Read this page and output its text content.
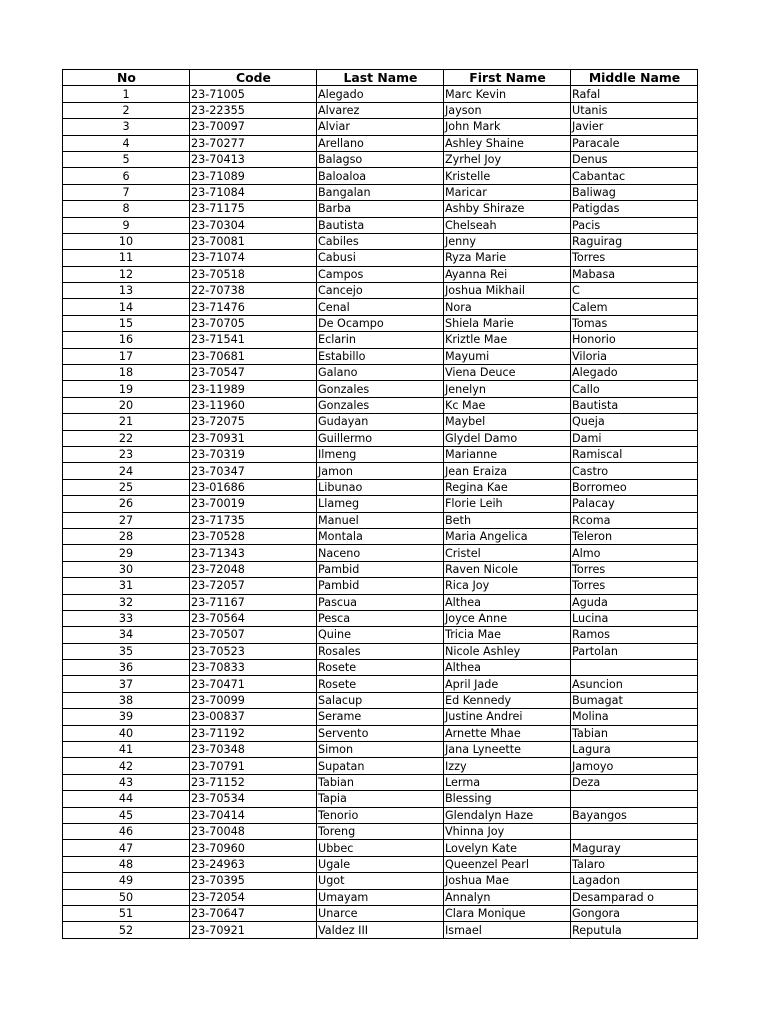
No	Code	Last Name	First Name	Middle Name
1	23-71005	Alegado	Marc Kevin	Rafal
2	23-22355	Alvarez	Jayson	Utanis
3	23-70097	Alviar	John Mark	Javier
4	23-70277	Arellano	Ashley Shaine	Paracale
5	23-70413	Balagso	Zyrhel Joy	Denus
6	23-71089	Baloaloa	Kristelle	Cabantac
7	23-71084	Bangalan	Maricar	Baliwag
8	23-71175	Barba	Ashby Shiraze	Patigdas
9	23-70304	Bautista	Chelseah	Pacis
10	23-70081	Cabiles	Jenny	Raguirag
11	23-71074	Cabusi	Ryza Marie	Torres
12	23-70518	Campos	Ayanna Rei	Mabasa
13	22-70738	Cancejo	Joshua Mikhail	C
14	23-71476	Cenal	Nora	Calem
15	23-70705	De Ocampo	Shiela Marie	Tomas
16	23-71541	Eclarin	Kriztle Mae	Honorio
17	23-70681	Estabillo	Mayumi	Viloria
18	23-70547	Galano	Viena Deuce	Alegado
19	23-11989	Gonzales	Jenelyn	Callo
20	23-11960	Gonzales	Kc Mae	Bautista
21	23-72075	Gudayan	Maybel	Queja
22	23-70931	Guillermo	Glydel Damo	Dami
23	23-70319	Ilmeng	Marianne	Ramiscal
24	23-70347	Jamon	Jean Eraiza	Castro
25	23-01686	Libunao	Regina Kae	Borromeo
26	23-70019	Llameg	Florie Leih	Palacay
27	23-71735	Manuel	Beth	Rcoma
28	23-70528	Montala	Maria Angelica	Teleron
29	23-71343	Naceno	Cristel	Almo
30	23-72048	Pambid	Raven Nicole	Torres
31	23-72057	Pambid	Rica Joy	Torres
32	23-71167	Pascua	Althea	Aguda
33	23-70564	Pesca	Joyce Anne	Lucina
34	23-70507	Quine	Tricia Mae	Ramos
35	23-70523	Rosales	Nicole Ashley	Partolan
36	23-70833	Rosete	Althea	
37	23-70471	Rosete	April Jade	Asuncion
38	23-70099	Salacup	Ed Kennedy	Bumagat
39	23-00837	Serame	Justine Andrei	Molina
40	23-71192	Servento	Arnette Mhae	Tabian
41	23-70348	Simon	Jana Lyneette	Lagura
42	23-70791	Supatan	Izzy	Jamoyo
43	23-71152	Tabian	Lerma	Deza
44	23-70534	Tapia	Blessing	
45	23-70414	Tenorio	Glendalyn Haze	Bayangos
46	23-70048	Toreng	Vhinna Joy	
47	23-70960	Ubbec	Lovelyn Kate	Maguray
48	23-24963	Ugale	Queenzel Pearl	Talaro
49	23-70395	Ugot	Joshua Mae	Lagadon
50	23-72054	Umayam	Annalyn	Desamparad o
51	23-70647	Unarce	Clara Monique	Gongora
52	23-70921	Valdez III	Ismael	Reputula
